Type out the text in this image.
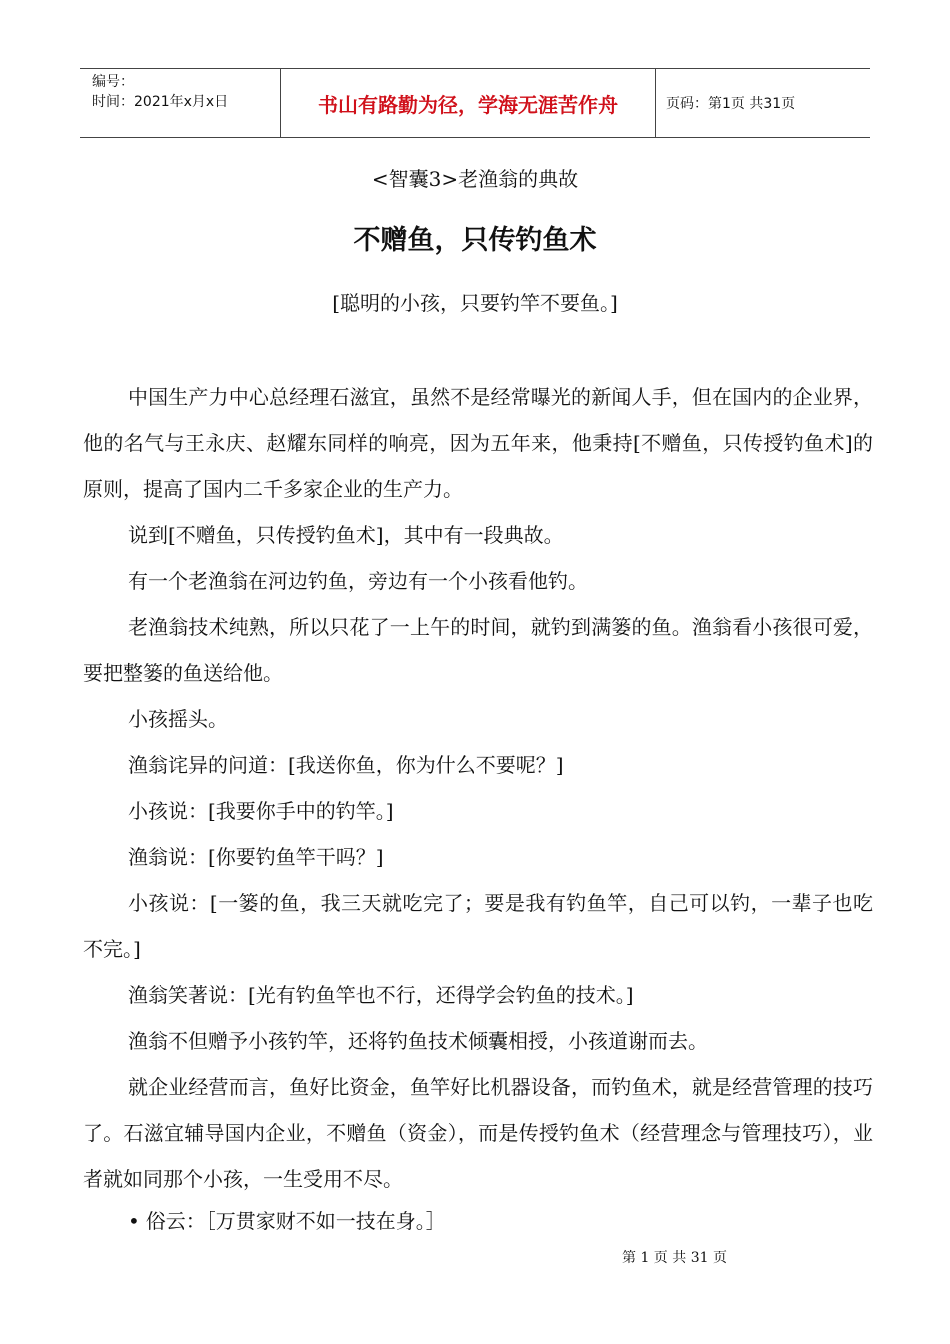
编号：
时间：2021年x月x日	书山有路勤为径，学海无涯苦作舟	页码：第1页 共31页
<智囊3>老渔翁的典故
不赠鱼，只传钓鱼术
[聪明的小孩，只要钓竿不要鱼。]

中国生产力中心总经理石滋宜，虽然不是经常曝光的新闻人手，但在国内的企业界，他的名气与王永庆、赵耀东同样的响亮，因为五年来，他秉持[不赠鱼，只传授钓鱼术]的原则，提高了国内二千多家企业的生产力。

说到[不赠鱼，只传授钓鱼术]，其中有一段典故。

有一个老渔翁在河边钓鱼，旁边有一个小孩看他钓。

老渔翁技术纯熟，所以只花了一上午的时间，就钓到满篓的鱼。渔翁看小孩很可爱，要把整篓的鱼送给他。

小孩摇头。

渔翁诧异的问道：[我送你鱼，你为什么不要呢？]

小孩说：[我要你手中的钓竿。]

渔翁说：[你要钓鱼竿干吗？]

小孩说：[一篓的鱼，我三天就吃完了；要是我有钓鱼竿，自己可以钓，一辈子也吃不完。]

渔翁笑著说：[光有钓鱼竿也不行，还得学会钓鱼的技术。]

渔翁不但赠予小孩钓竿，还将钓鱼技术倾囊相授，小孩道谢而去。

就企业经营而言，鱼好比资金，鱼竿好比机器设备，而钓鱼术，就是经营管理的技巧了。石滋宜辅导国内企业，不赠鱼（资金），而是传授钓鱼术（经营理念与管理技巧），业者就如同那个小孩，一生受用不尽。

• 俗云：［万贯家财不如一技在身。］
第 1 页 共 31 页
